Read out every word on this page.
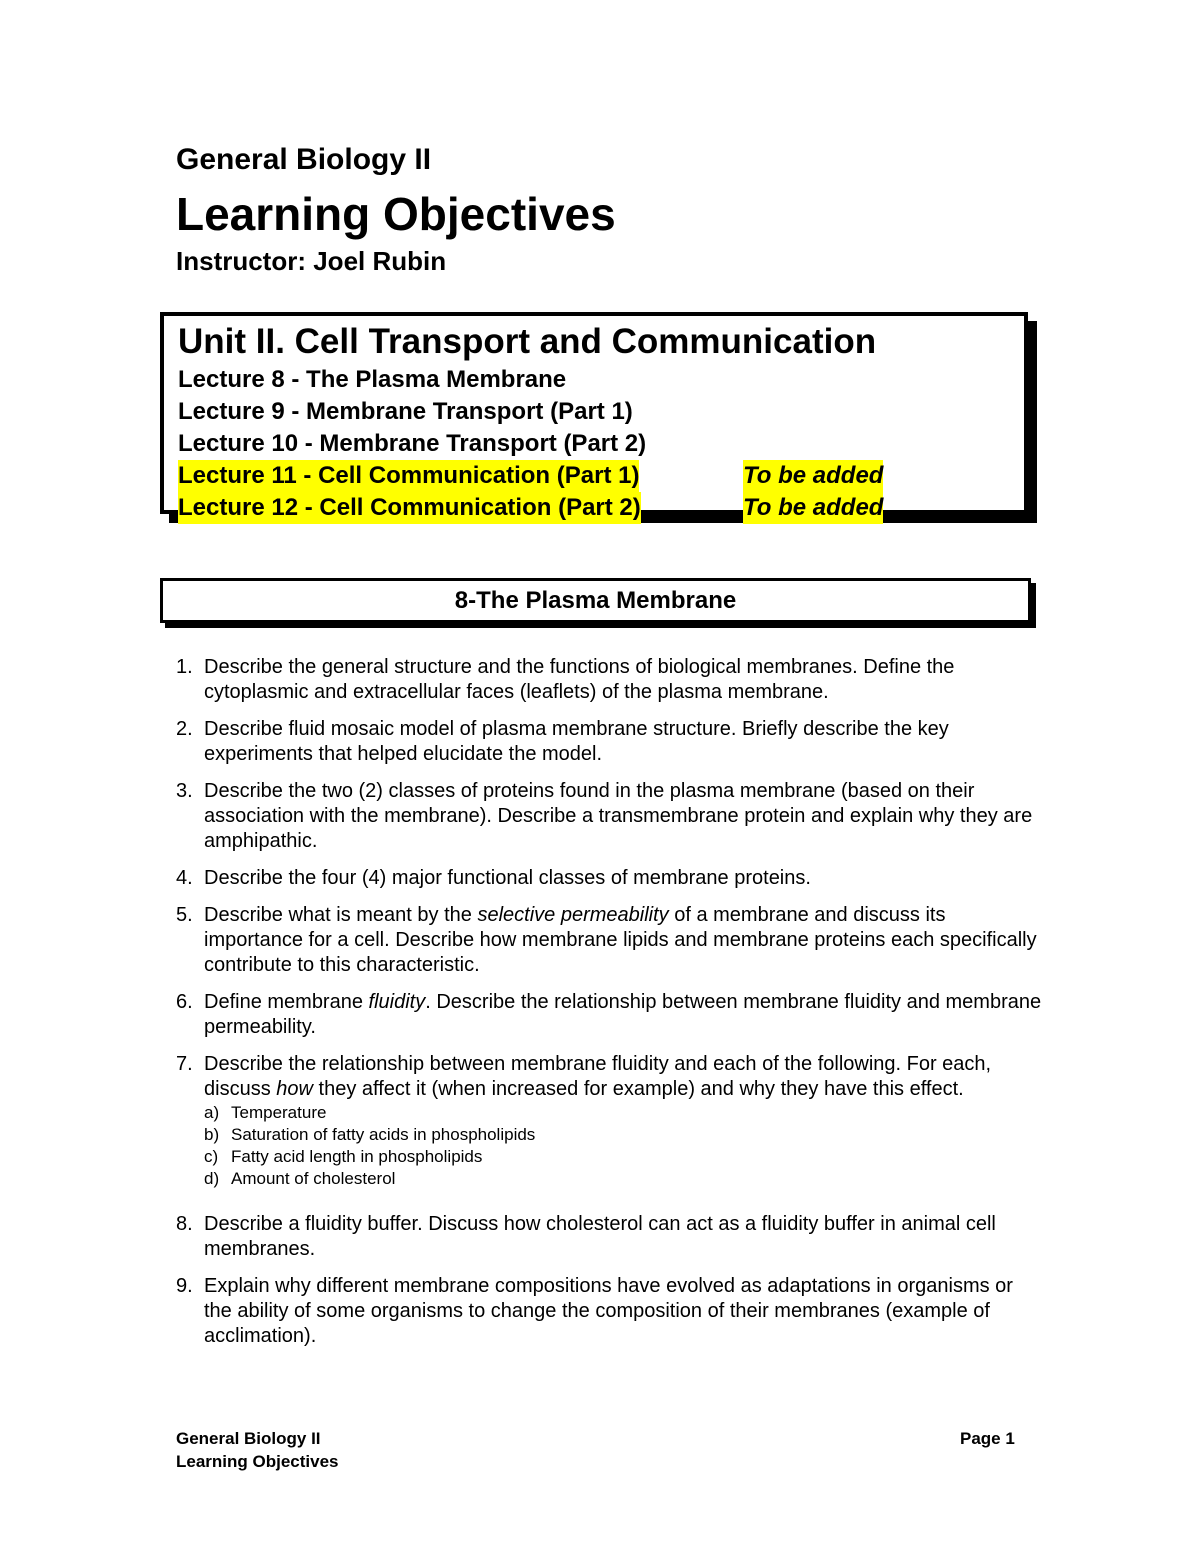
General Biology II
Learning Objectives
Instructor: Joel Rubin
Unit II. Cell Transport and Communication
Lecture 8 - The Plasma Membrane
Lecture 9 - Membrane Transport (Part 1)
Lecture 10 - Membrane Transport (Part 2)
Lecture 11 - Cell Communication (Part 1)	To be added
Lecture 12 - Cell Communication (Part 2)	To be added
8-The Plasma Membrane
1. Describe the general structure and the functions of biological membranes. Define the cytoplasmic and extracellular faces (leaflets) of the plasma membrane.
2. Describe fluid mosaic model of plasma membrane structure. Briefly describe the key experiments that helped elucidate the model.
3. Describe the two (2) classes of proteins found in the plasma membrane (based on their association with the membrane). Describe a transmembrane protein and explain why they are amphipathic.
4. Describe the four (4) major functional classes of membrane proteins.
5. Describe what is meant by the selective permeability of a membrane and discuss its importance for a cell. Describe how membrane lipids and membrane proteins each specifically contribute to this characteristic.
6. Define membrane fluidity. Describe the relationship between membrane fluidity and membrane permeability.
7. Describe the relationship between membrane fluidity and each of the following. For each, discuss how they affect it (when increased for example) and why they have this effect.
a) Temperature
b) Saturation of fatty acids in phospholipids
c) Fatty acid length in phospholipids
d) Amount of cholesterol
8. Describe a fluidity buffer. Discuss how cholesterol can act as a fluidity buffer in animal cell membranes.
9. Explain why different membrane compositions have evolved as adaptations in organisms or the ability of some organisms to change the composition of their membranes (example of acclimation).
General Biology II
Learning Objectives
Page 1
